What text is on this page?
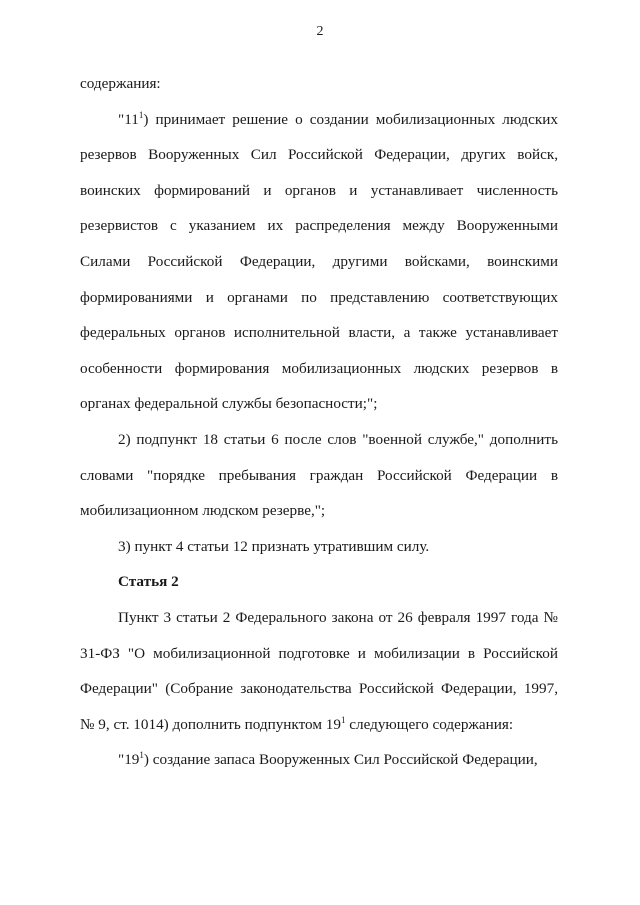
2

содержания:

"$11^1$) принимает решение о создании мобилизационных людских резервов Вооруженных Сил Российской Федерации, других войск, воинских формирований и органов и устанавливает численность резервистов с указанием их распределения между Вооруженными Силами Российской Федерации, другими войсками, воинскими формированиями и органами по представлению соответствующих федеральных органов исполнительной власти, а также устанавливает особенности формирования мобилизационных людских резервов в органах федеральной службы безопасности;";

2) подпункт 18 статьи 6 после слов "военной службе," дополнить словами "порядке пребывания граждан Российской Федерации в мобилизационном людском резерве,";

3) пункт 4 статьи 12 признать утратившим силу.

Статья 2

Пункт 3 статьи 2 Федерального закона от 26 февраля 1997 года № 31-ФЗ "О мобилизационной подготовке и мобилизации в Российской Федерации" (Собрание законодательства Российской Федерации, 1997, № 9, ст. 1014) дополнить подпунктом $19^1$ следующего содержания:

"$19^1$) создание запаса Вооруженных Сил Российской Федерации,
